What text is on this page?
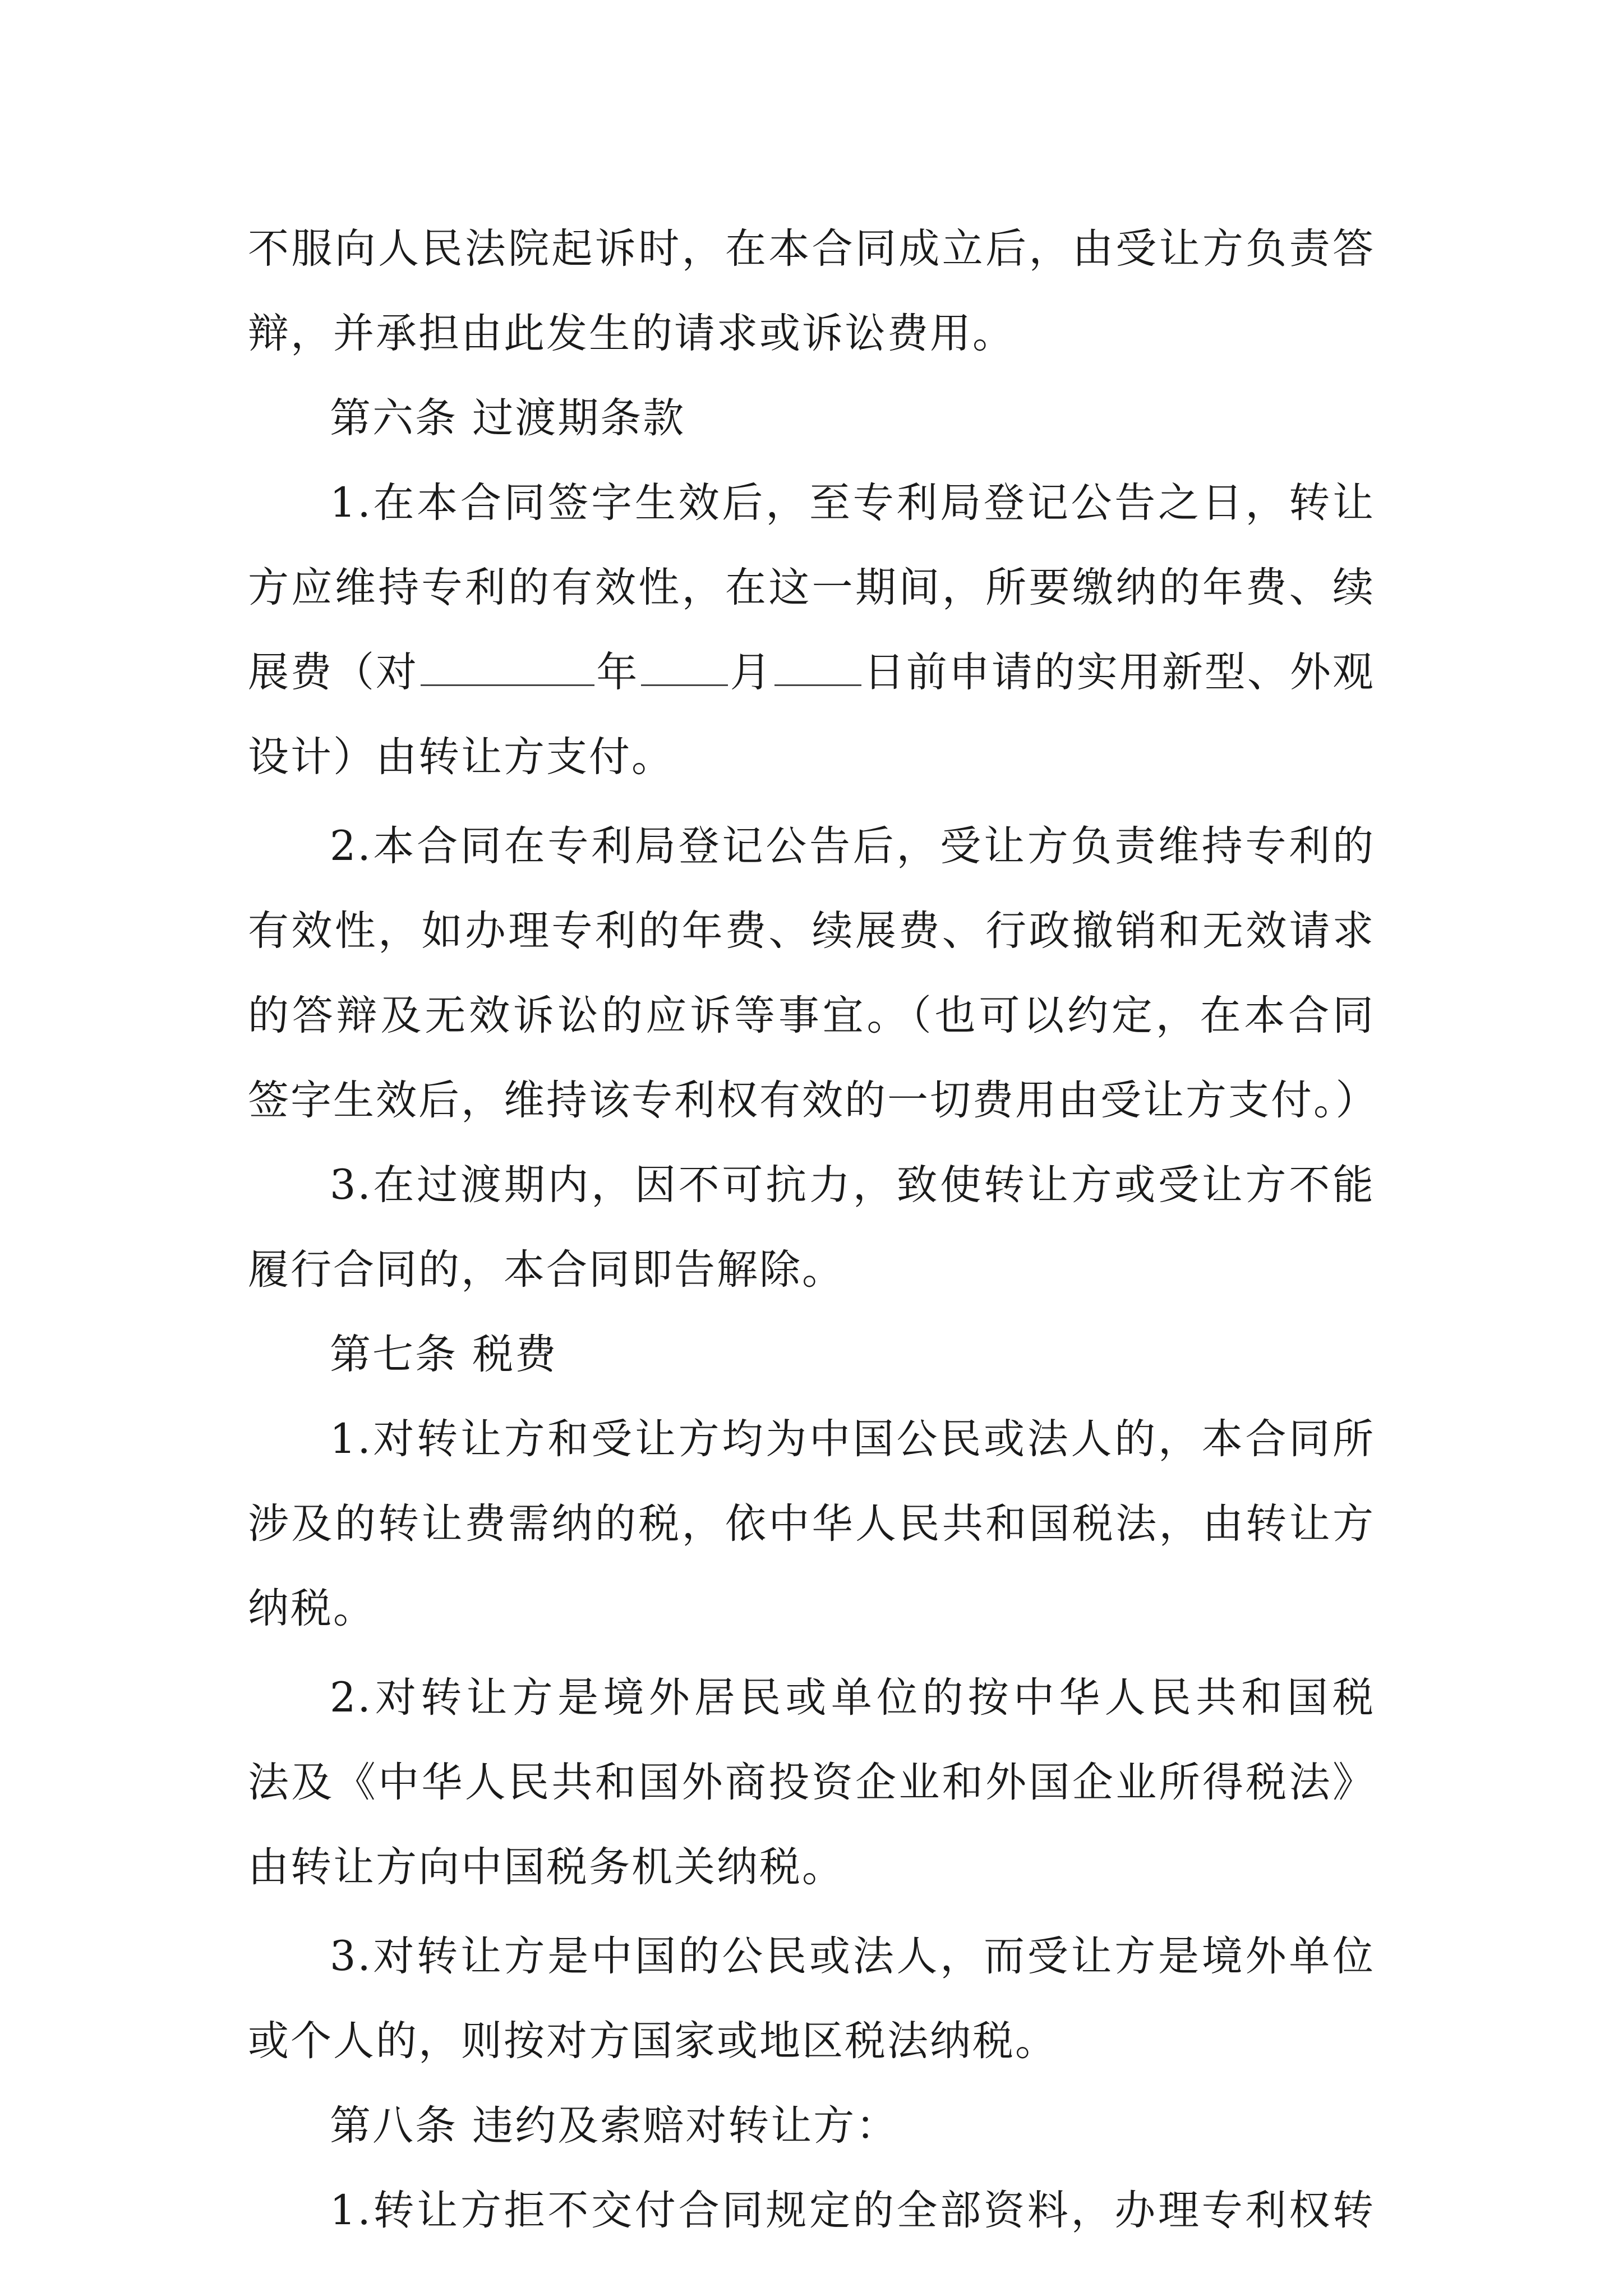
不服向人民法院起诉时，在本合同成立后，由受让方负责答
辩，并承担由此发生的请求或诉讼费用。
第六条 过渡期条款
1.在本合同签字生效后，至专利局登记公告之日，转让
方应维持专利的有效性，在这一期间，所要缴纳的年费、续
展费（对	年 月 日前申请的实用新型、外观
设计）由转让方支付。
2.本合同在专利局登记公告后，受让方负责维持专利的
有效性，如办理专利的年费、续展费、行政撤销和无效请求
的答辩及无效诉讼的应诉等事宜。（也可以约定，在本合同
签字生效后，维持该专利权有效的一切费用由受让方支付。）
3.在过渡期内，因不可抗力，致使转让方或受让方不能
履行合同的，本合同即告解除。
第七条 税费
1.对转让方和受让方均为中国公民或法人的，本合同所
涉及的转让费需纳的税，依中华人民共和国税法，由转让方
纳税。
2.对转让方是境外居民或单位的按中华人民共和国税
法及《中华人民共和国外商投资企业和外国企业所得税法》
由转让方向中国税务机关纳税。
3.对转让方是中国的公民或法人，而受让方是境外单位
或个人的，则按对方国家或地区税法纳税。
第八条 违约及索赔对转让方：
1.转让方拒不交付合同规定的全部资料，办理专利权转
